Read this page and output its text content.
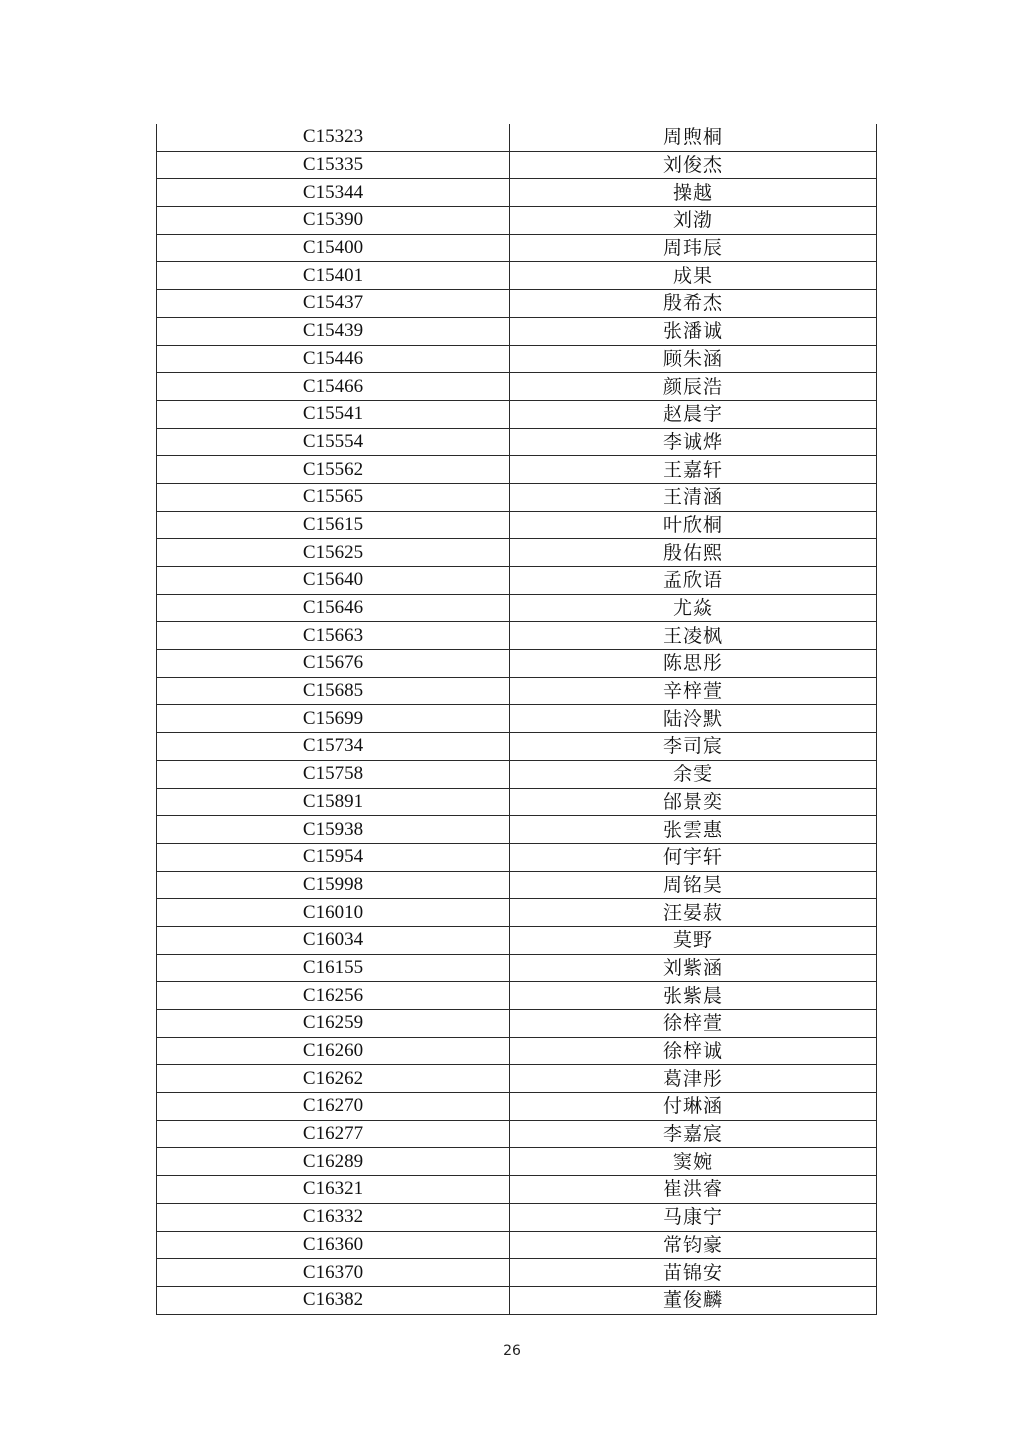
C15323	周煦桐
C15335	刘俊杰
C15344	操越
C15390	刘渤
C15400	周玮辰
C15401	成果
C15437	殷希杰
C15439	张潘诚
C15446	顾朱涵
C15466	颜辰浩
C15541	赵晨宇
C15554	李诚烨
C15562	王嘉轩
C15565	王清涵
C15615	叶欣桐
C15625	殷佑熙
C15640	孟欣语
C15646	尤焱
C15663	王凌枫
C15676	陈思彤
C15685	辛梓萱
C15699	陆泠默
C15734	李司宸
C15758	余雯
C15891	邰景奕
C15938	张雲惠
C15954	何宇轩
C15998	周铭昊
C16010	汪晏菽
C16034	莫野
C16155	刘紫涵
C16256	张紫晨
C16259	徐梓萱
C16260	徐梓诚
C16262	葛津彤
C16270	付琳涵
C16277	李嘉宸
C16289	窦婉
C16321	崔洪睿
C16332	马康宁
C16360	常钧豪
C16370	苗锦安
C16382	董俊麟
26
